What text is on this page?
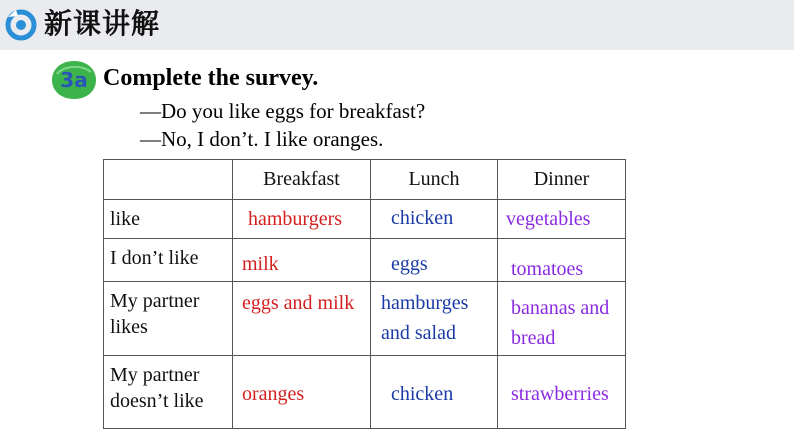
新课讲解
3a Complete the survey.
—Do you like eggs for breakfast?
—No, I don’t. I like oranges.

	Breakfast	Lunch	Dinner

like	hamburgers	chicken	vegetables

I don’t like	milk	eggs	tomatoes

My partner likes	eggs and milk	hamburges and salad	bananas and bread

My partner doesn’t like	oranges	chicken	strawberries
